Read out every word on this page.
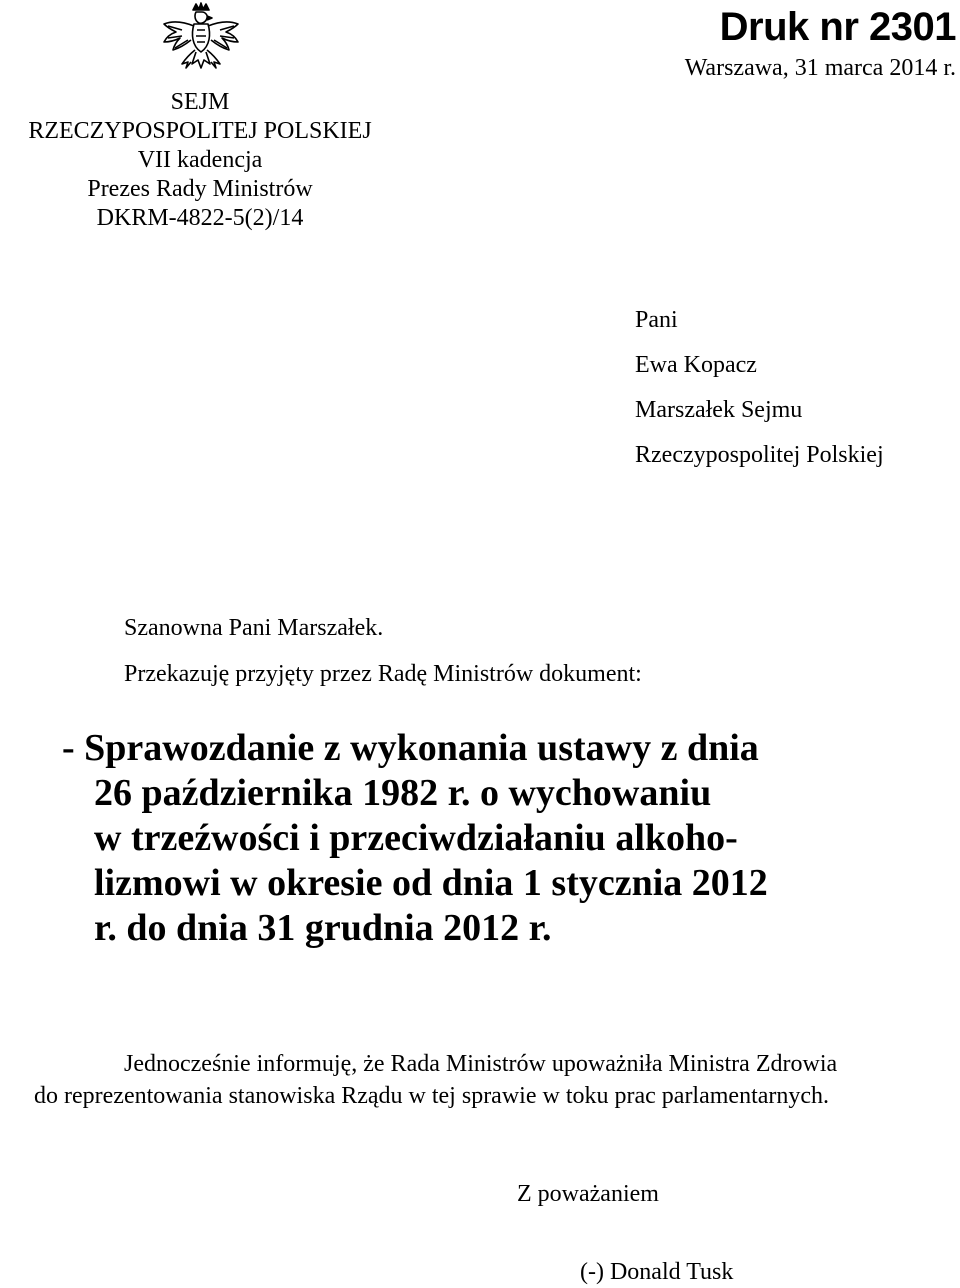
SEJM
RZECZYPOSPOLITEJ POLSKIEJ
VII kadencja
Prezes Rady Ministrów
DKRM-4822-5(2)/14
Druk nr 2301
Warszawa, 31 marca 2014 r.
Pani
Ewa Kopacz
Marszałek Sejmu
Rzeczypospolitej Polskiej
Szanowna Pani Marszałek.
Przekazuję przyjęty przez Radę Ministrów dokument:
- Sprawozdanie z wykonania ustawy z dnia
26 października 1982 r. o wychowaniu
w trzeźwości i przeciwdziałaniu alkoho-
lizmowi w okresie od dnia 1 stycznia 2012
r. do dnia 31 grudnia 2012 r.
Jednocześnie informuję, że Rada Ministrów upoważniła Ministra Zdrowia
do reprezentowania stanowiska Rządu w tej sprawie w toku prac parlamentarnych.
Z poważaniem
(-) Donald Tusk
